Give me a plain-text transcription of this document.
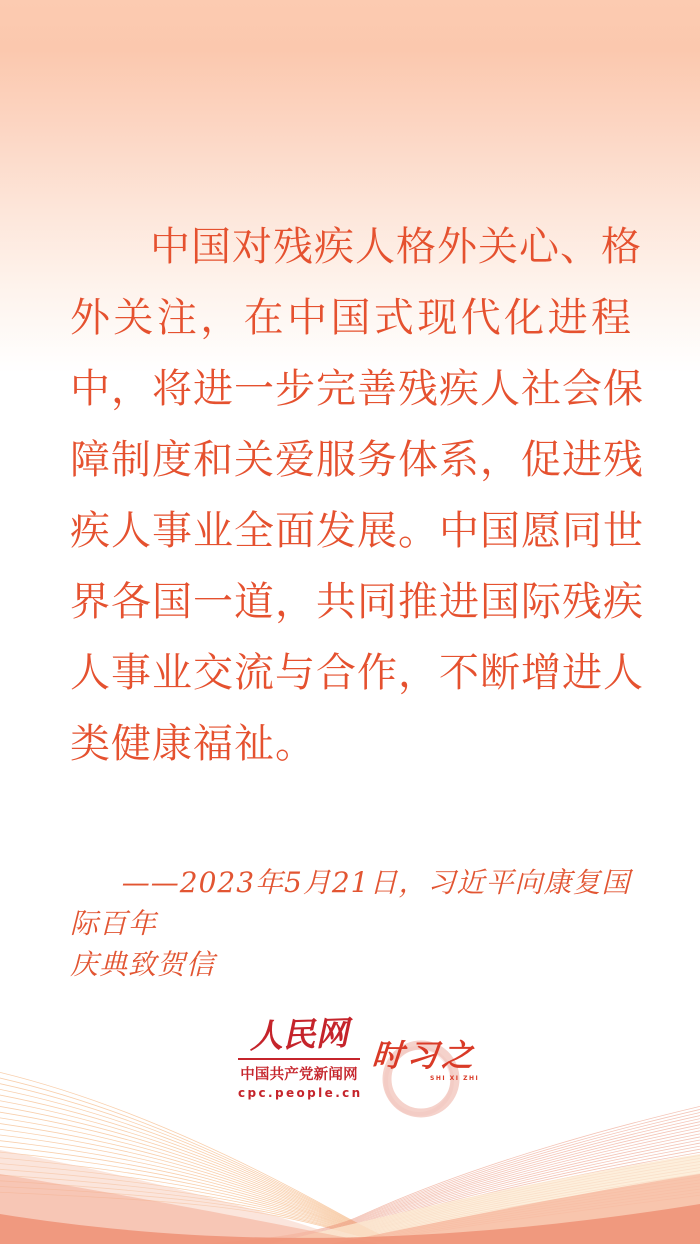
中国对残疾人格外关心、格
外关注，在中国式现代化进程
中，将进一步完善残疾人社会保
障制度和关爱服务体系，促进残
疾人事业全面发展。中国愿同世
界各国一道，共同推进国际残疾
人事业交流与合作，不断增进人
类健康福祉。
——2023年5月21日，习近平向康复国际百年
庆典致贺信
人民网
中国共产党新闻网
cpc.people.cn
时习之
SHI XI ZHI
